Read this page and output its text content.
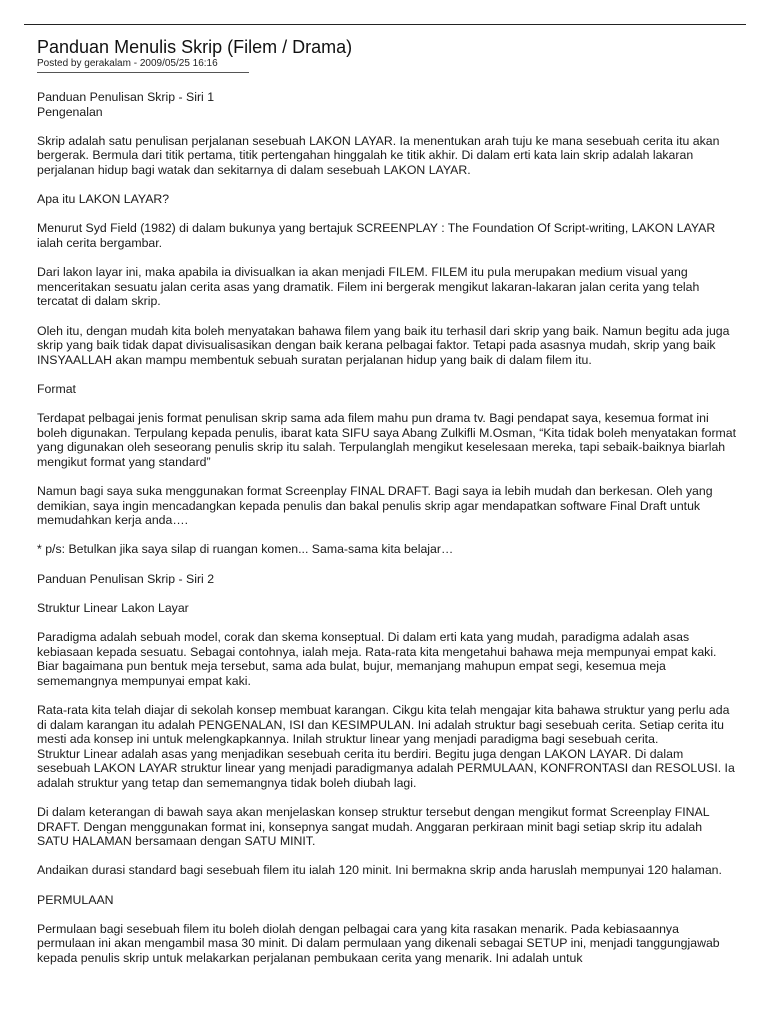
Panduan Menulis Skrip (Filem / Drama)

Posted by gerakalam - 2009/05/25 16:16

Panduan Penulisan Skrip - Siri 1

Pengenalan

Skrip adalah satu penulisan perjalanan sesebuah LAKON LAYAR. Ia menentukan arah tuju ke mana sesebuah cerita itu akan bergerak. Bermula dari titik pertama, titik pertengahan hinggalah ke titik akhir. Di dalam erti kata lain skrip adalah lakaran perjalanan hidup bagi watak dan sekitarnya di dalam sesebuah LAKON LAYAR.

Apa itu LAKON LAYAR?

Menurut Syd Field (1982) di dalam bukunya yang bertajuk SCREENPLAY : The Foundation Of Script-writing, LAKON LAYAR ialah cerita bergambar.

Dari lakon layar ini, maka apabila ia divisualkan ia akan menjadi FILEM. FILEM itu pula merupakan medium visual yang menceritakan sesuatu jalan cerita asas yang dramatik. Filem ini bergerak mengikut lakaran-lakaran jalan cerita yang telah tercatat di dalam skrip.

Oleh itu, dengan mudah kita boleh menyatakan bahawa filem yang baik itu terhasil dari skrip yang baik. Namun begitu ada juga skrip yang baik tidak dapat divisualisasikan dengan baik kerana pelbagai faktor. Tetapi pada asasnya mudah, skrip yang baik INSYAALLAH akan mampu membentuk sebuah suratan perjalanan hidup yang baik di dalam filem itu.

Format

Terdapat pelbagai jenis format penulisan skrip sama ada filem mahu pun drama tv. Bagi pendapat saya, kesemua format ini boleh digunakan. Terpulang kepada penulis, ibarat kata SIFU saya Abang Zulkifli M.Osman, “Kita tidak boleh menyatakan format yang digunakan oleh seseorang penulis skrip itu salah. Terpulanglah mengikut keselesaan mereka, tapi sebaik-baiknya biarlah mengikut format yang standard”

Namun bagi saya suka menggunakan format Screenplay FINAL DRAFT. Bagi saya ia lebih mudah dan berkesan. Oleh yang demikian, saya ingin mencadangkan kepada penulis dan bakal penulis skrip agar mendapatkan software Final Draft untuk memudahkan kerja anda….

* p/s: Betulkan jika saya silap di ruangan komen... Sama-sama kita belajar…

Panduan Penulisan Skrip - Siri 2

Struktur Linear Lakon Layar

Paradigma adalah sebuah model, corak dan skema konseptual. Di dalam erti kata yang mudah, paradigma adalah asas kebiasaan kepada sesuatu. Sebagai contohnya, ialah meja. Rata-rata kita mengetahui bahawa meja mempunyai empat kaki. Biar bagaimana pun bentuk meja tersebut, sama ada bulat, bujur, memanjang mahupun empat segi, kesemua meja sememangnya mempunyai empat kaki.

Rata-rata kita telah diajar di sekolah konsep membuat karangan. Cikgu kita telah mengajar kita bahawa struktur yang perlu ada di dalam karangan itu adalah PENGENALAN, ISI dan KESIMPULAN. Ini adalah struktur bagi sesebuah cerita. Setiap cerita itu mesti ada konsep ini untuk melengkapkannya. Inilah struktur linear yang menjadi paradigma bagi sesebuah cerita.

Struktur Linear adalah asas yang menjadikan sesebuah cerita itu berdiri. Begitu juga dengan LAKON LAYAR. Di dalam sesebuah LAKON LAYAR struktur linear yang menjadi paradigmanya adalah PERMULAAN, KONFRONTASI dan RESOLUSI. Ia adalah struktur yang tetap dan sememangnya tidak boleh diubah lagi.

Di dalam keterangan di bawah saya akan menjelaskan konsep struktur tersebut dengan mengikut format Screenplay FINAL DRAFT. Dengan menggunakan format ini, konsepnya sangat mudah. Anggaran perkiraan minit bagi setiap skrip itu adalah SATU HALAMAN bersamaan dengan SATU MINIT.

Andaikan durasi standard bagi sesebuah filem itu ialah 120 minit. Ini bermakna skrip anda haruslah mempunyai 120 halaman.

PERMULAAN

Permulaan bagi sesebuah filem itu boleh diolah dengan pelbagai cara yang kita rasakan menarik. Pada kebiasaannya permulaan ini akan mengambil masa 30 minit. Di dalam permulaan yang dikenali sebagai SETUP ini, menjadi tanggungjawab kepada penulis skrip untuk melakarkan perjalanan pembukaan cerita yang menarik. Ini adalah untuk
